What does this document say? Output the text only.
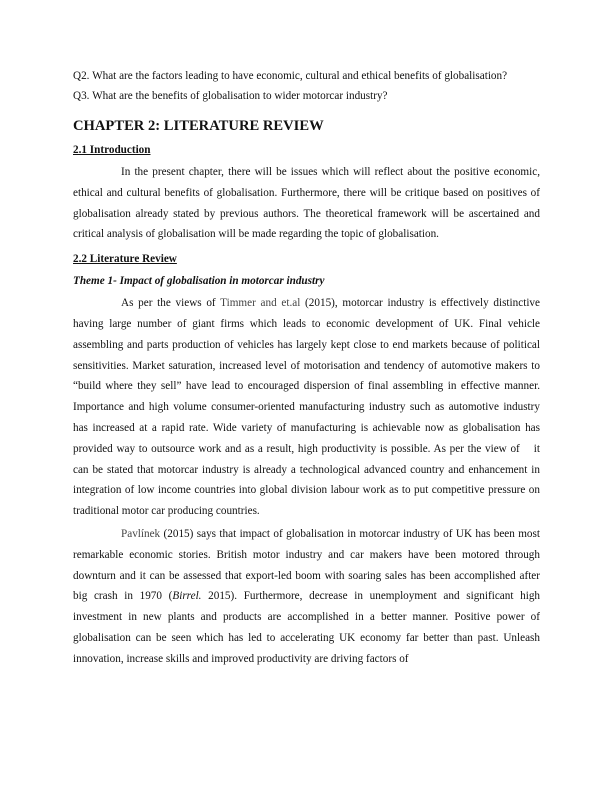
Q2. What are the factors leading to have economic, cultural and ethical benefits of globalisation?
Q3. What are the benefits of globalisation to wider motorcar industry?
CHAPTER 2: LITERATURE REVIEW
2.1 Introduction

In the present chapter, there will be issues which will reflect about the positive economic, ethical and cultural benefits of globalisation. Furthermore, there will be critique based on positives of globalisation already stated by previous authors. The theoretical framework will be ascertained and critical analysis of globalisation will be made regarding the topic of globalisation.

2.2 Literature Review
Theme 1- Impact of globalisation in motorcar industry

As per the views of Timmer and et.al (2015), motorcar industry is effectively distinctive having large number of giant firms which leads to economic development of UK. Final vehicle assembling and parts production of vehicles has largely kept close to end markets because of political sensitivities. Market saturation, increased level of motorisation and tendency of automotive makers to “build where they sell” have lead to encouraged dispersion of final assembling in effective manner. Importance and high volume consumer-oriented manufacturing industry such as automotive industry has increased at a rapid rate. Wide variety of manufacturing is achievable now as globalisation has provided way to outsource work and as a result, high productivity is possible. As per the view of it can be stated that motorcar industry is already a technological advanced country and enhancement in integration of low income countries into global division labour work as to put competitive pressure on traditional motor car producing countries.

Pavlínek (2015) says that impact of globalisation in motorcar industry of UK has been most remarkable economic stories. British motor industry and car makers have been motored through downturn and it can be assessed that export-led boom with soaring sales has been accomplished after big crash in 1970 (Birrel. 2015). Furthermore, decrease in unemployment and significant high investment in new plants and products are accomplished in a better manner. Positive power of globalisation can be seen which has led to accelerating UK economy far better than past. Unleash innovation, increase skills and improved productivity are driving factors of
